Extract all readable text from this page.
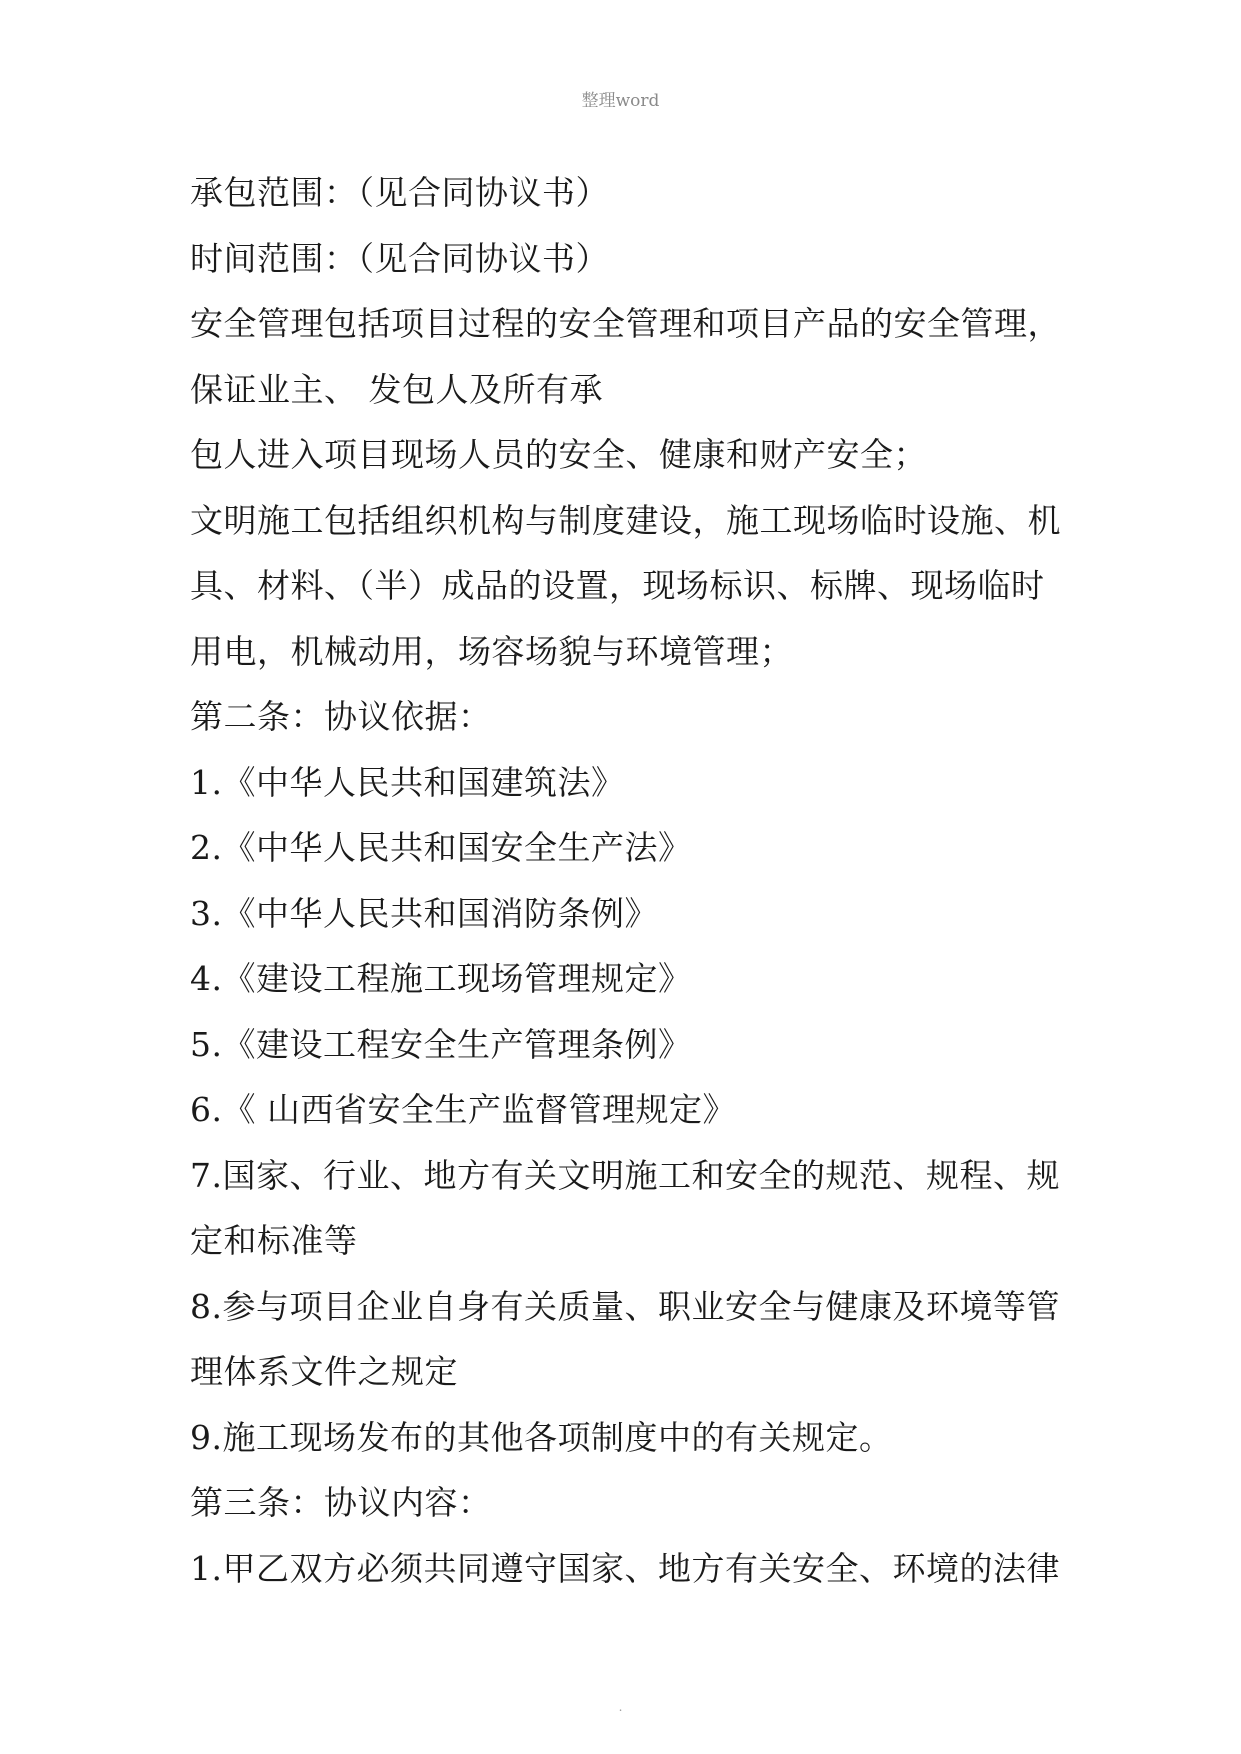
整理word
承包范围：（见合同协议书）
时间范围：（见合同协议书）
安全管理包括项目过程的安全管理和项目产品的安全管理，
保证业主、 发包人及所有承
包人进入项目现场人员的安全、健康和财产安全；
文明施工包括组织机构与制度建设，施工现场临时设施、机
具、材料、（半）成品的设置，现场标识、标牌、现场临时
用电，机械动用，场容场貌与环境管理；
第二条：协议依据：
1.《中华人民共和国建筑法》
2.《中华人民共和国安全生产法》
3.《中华人民共和国消防条例》
4.《建设工程施工现场管理规定》
5.《建设工程安全生产管理条例》
6.《 山西省安全生产监督管理规定》
7.国家、行业、地方有关文明施工和安全的规范、规程、规
定和标准等
8.参与项目企业自身有关质量、职业安全与健康及环境等管
理体系文件之规定
9.施工现场发布的其他各项制度中的有关规定。
第三条：协议内容：
1.甲乙双方必须共同遵守国家、地方有关安全、环境的法律
.
